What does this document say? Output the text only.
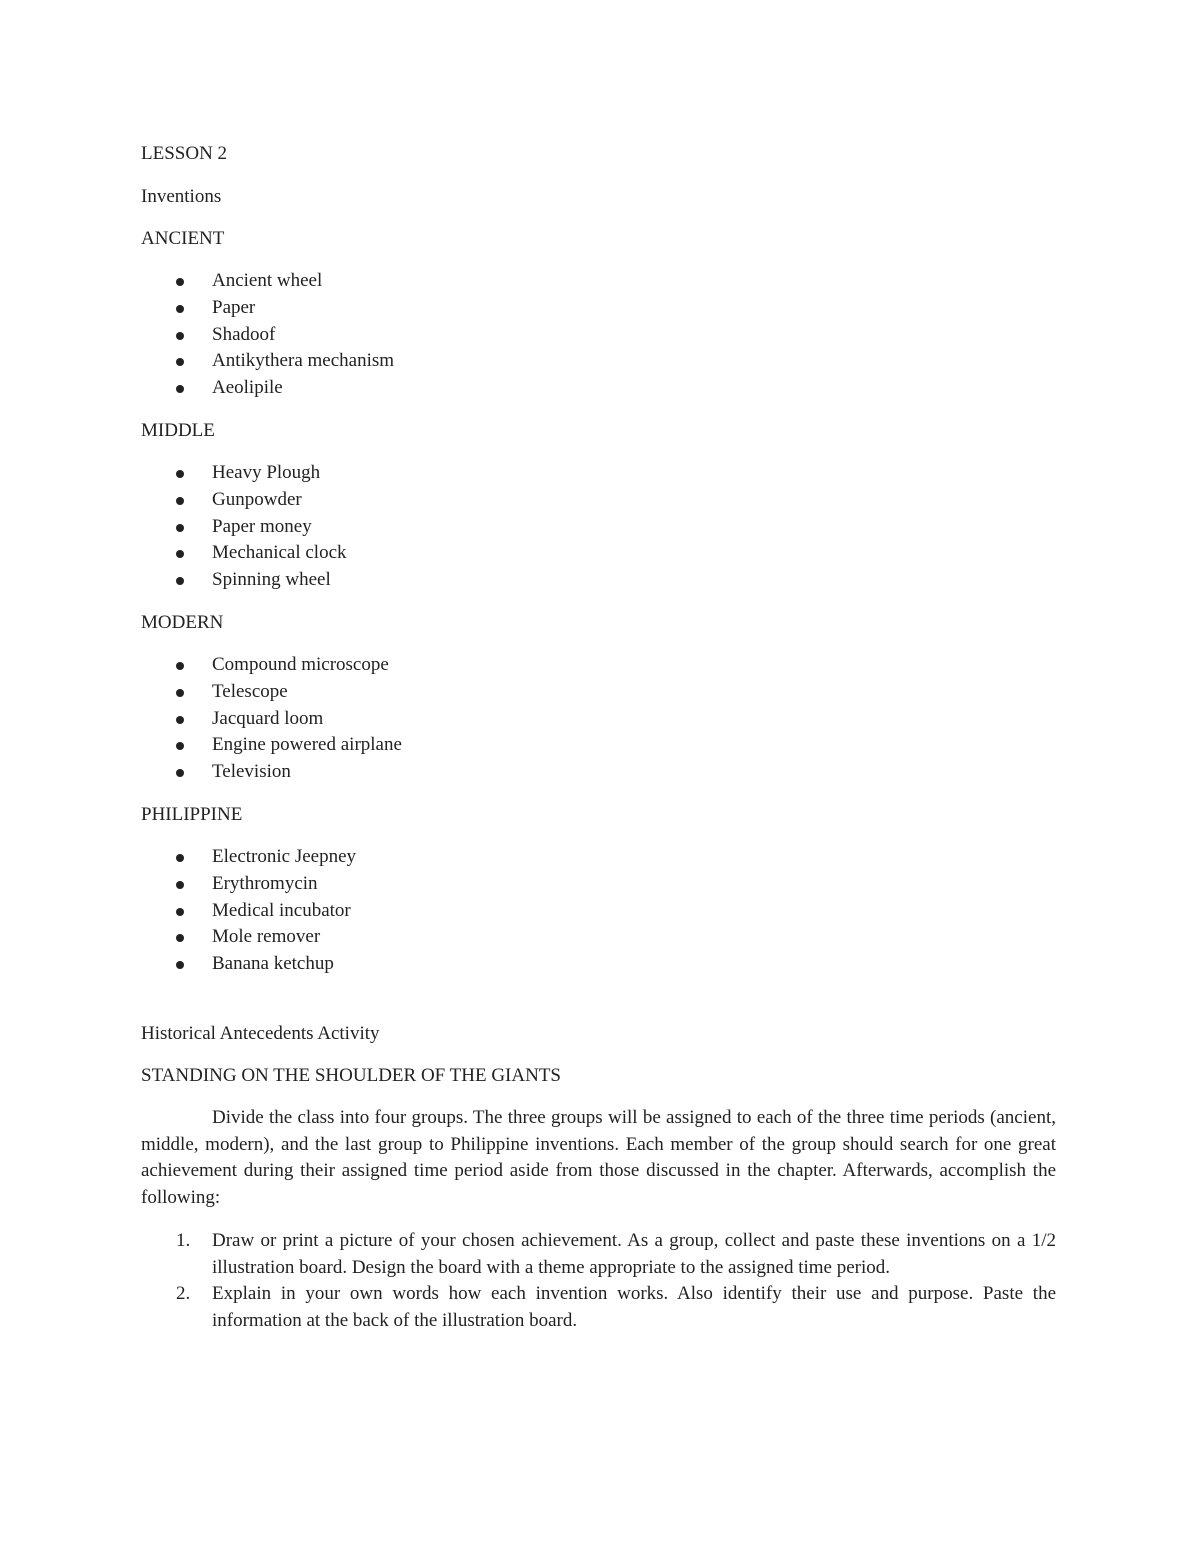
LESSON 2
Inventions
ANCIENT
Ancient wheel
Paper
Shadoof
Antikythera mechanism
Aeolipile
MIDDLE
Heavy Plough
Gunpowder
Paper money
Mechanical clock
Spinning wheel
MODERN
Compound microscope
Telescope
Jacquard loom
Engine powered airplane
Television
PHILIPPINE
Electronic Jeepney
Erythromycin
Medical incubator
Mole remover
Banana ketchup
Historical Antecedents Activity
STANDING ON THE SHOULDER OF THE GIANTS

Divide the class into four groups. The three groups will be assigned to each of the three time periods (ancient, middle, modern), and the last group to Philippine inventions. Each member of the group should search for one great achievement during their assigned time period aside from those discussed in the chapter. Afterwards, accomplish the following:

1. Draw or print a picture of your chosen achievement. As a group, collect and paste these inventions on a 1/2 illustration board. Design the board with a theme appropriate to the assigned time period.
2. Explain in your own words how each invention works. Also identify their use and purpose. Paste the information at the back of the illustration board.
